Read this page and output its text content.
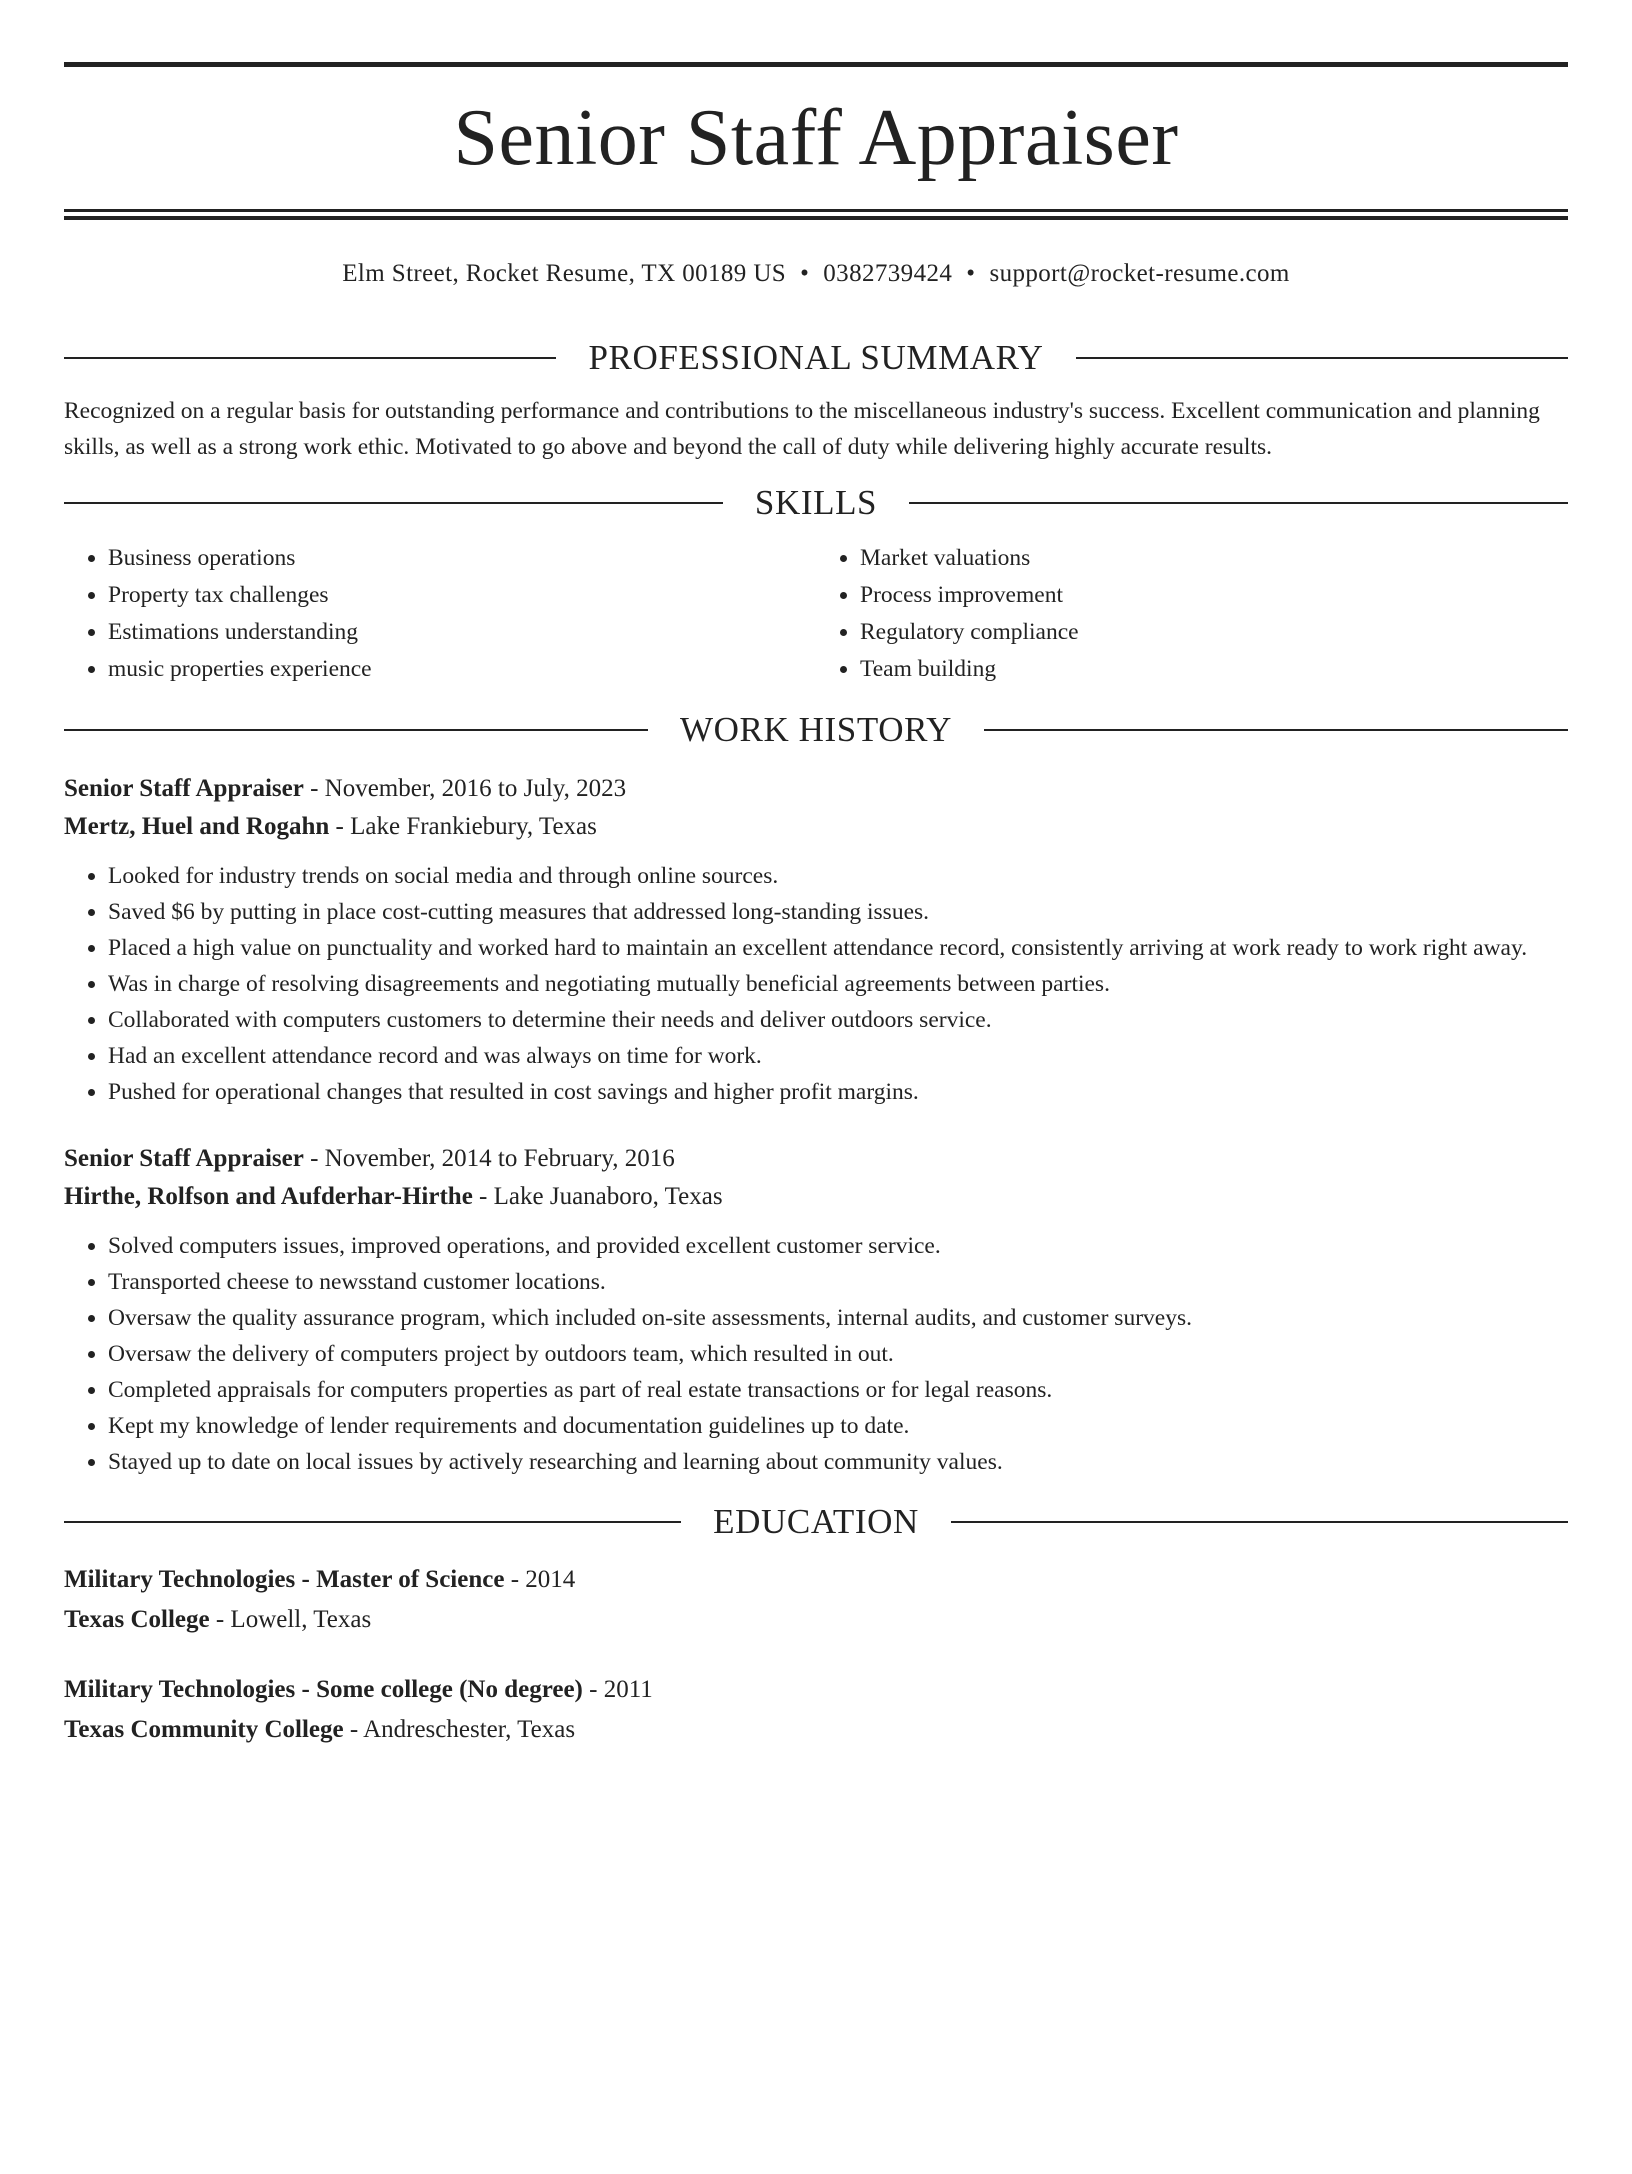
Senior Staff Appraiser
Elm Street, Rocket Resume, TX 00189 US • 0382739424 • support@rocket-resume.com
PROFESSIONAL SUMMARY

Recognized on a regular basis for outstanding performance and contributions to the miscellaneous industry's success. Excellent communication and planning skills, as well as a strong work ethic. Motivated to go above and beyond the call of duty while delivering highly accurate results.

SKILLS
• Business operations
• Property tax challenges
• Estimations understanding
• music properties experience
• Market valuations
• Process improvement
• Regulatory compliance
• Team building
WORK HISTORY
Senior Staff Appraiser - November, 2016 to July, 2023
Mertz, Huel and Rogahn - Lake Frankiebury, Texas
• Looked for industry trends on social media and through online sources.
• Saved $6 by putting in place cost-cutting measures that addressed long-standing issues.
• Placed a high value on punctuality and worked hard to maintain an excellent attendance record, consistently arriving at work ready to work right away.
• Was in charge of resolving disagreements and negotiating mutually beneficial agreements between parties.
• Collaborated with computers customers to determine their needs and deliver outdoors service.
• Had an excellent attendance record and was always on time for work.
• Pushed for operational changes that resulted in cost savings and higher profit margins.
Senior Staff Appraiser - November, 2014 to February, 2016
Hirthe, Rolfson and Aufderhar-Hirthe - Lake Juanaboro, Texas
• Solved computers issues, improved operations, and provided excellent customer service.
• Transported cheese to newsstand customer locations.
• Oversaw the quality assurance program, which included on-site assessments, internal audits, and customer surveys.
• Oversaw the delivery of computers project by outdoors team, which resulted in out.
• Completed appraisals for computers properties as part of real estate transactions or for legal reasons.
• Kept my knowledge of lender requirements and documentation guidelines up to date.
• Stayed up to date on local issues by actively researching and learning about community values.
EDUCATION
Military Technologies - Master of Science - 2014
Texas College - Lowell, Texas
Military Technologies - Some college (No degree) - 2011
Texas Community College - Andreschester, Texas
